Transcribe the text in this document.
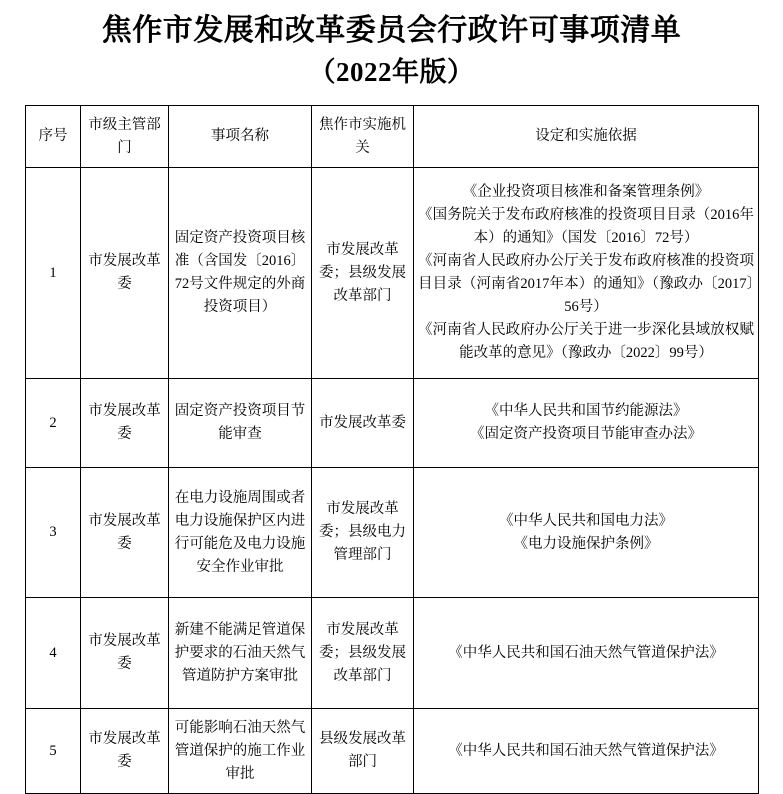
焦作市发展和改革委员会行政许可事项清单
（2022年版）
序号	市级主管部门	事项名称	焦作市实施机关	设定和实施依据
1	市发展改革委	固定资产投资项目核准（含国发〔2016〕72号文件规定的外商投资项目）	市发展改革委；县级发展改革部门	《企业投资项目核准和备案管理条例》
《国务院关于发布政府核准的投资项目目录（2016年本）的通知》（国发〔2016〕72号）
《河南省人民政府办公厅关于发布政府核准的投资项目目录（河南省2017年本）的通知》（豫政办〔2017〕56号）
《河南省人民政府办公厅关于进一步深化县域放权赋能改革的意见》（豫政办〔2022〕99号）

2	市发展改革委	固定资产投资项目节能审查	市发展改革委	《中华人民共和国节约能源法》
《固定资产投资项目节能审查办法》

3	市发展改革委	在电力设施周围或者电力设施保护区内进行可能危及电力设施安全作业审批	市发展改革委；县级电力管理部门	《中华人民共和国电力法》
《电力设施保护条例》

4	市发展改革委	新建不能满足管道保护要求的石油天然气管道防护方案审批	市发展改革委；县级发展改革部门	《中华人民共和国石油天然气管道保护法》

5	市发展改革委	可能影响石油天然气管道保护的施工作业审批	县级发展改革部门	《中华人民共和国石油天然气管道保护法》
